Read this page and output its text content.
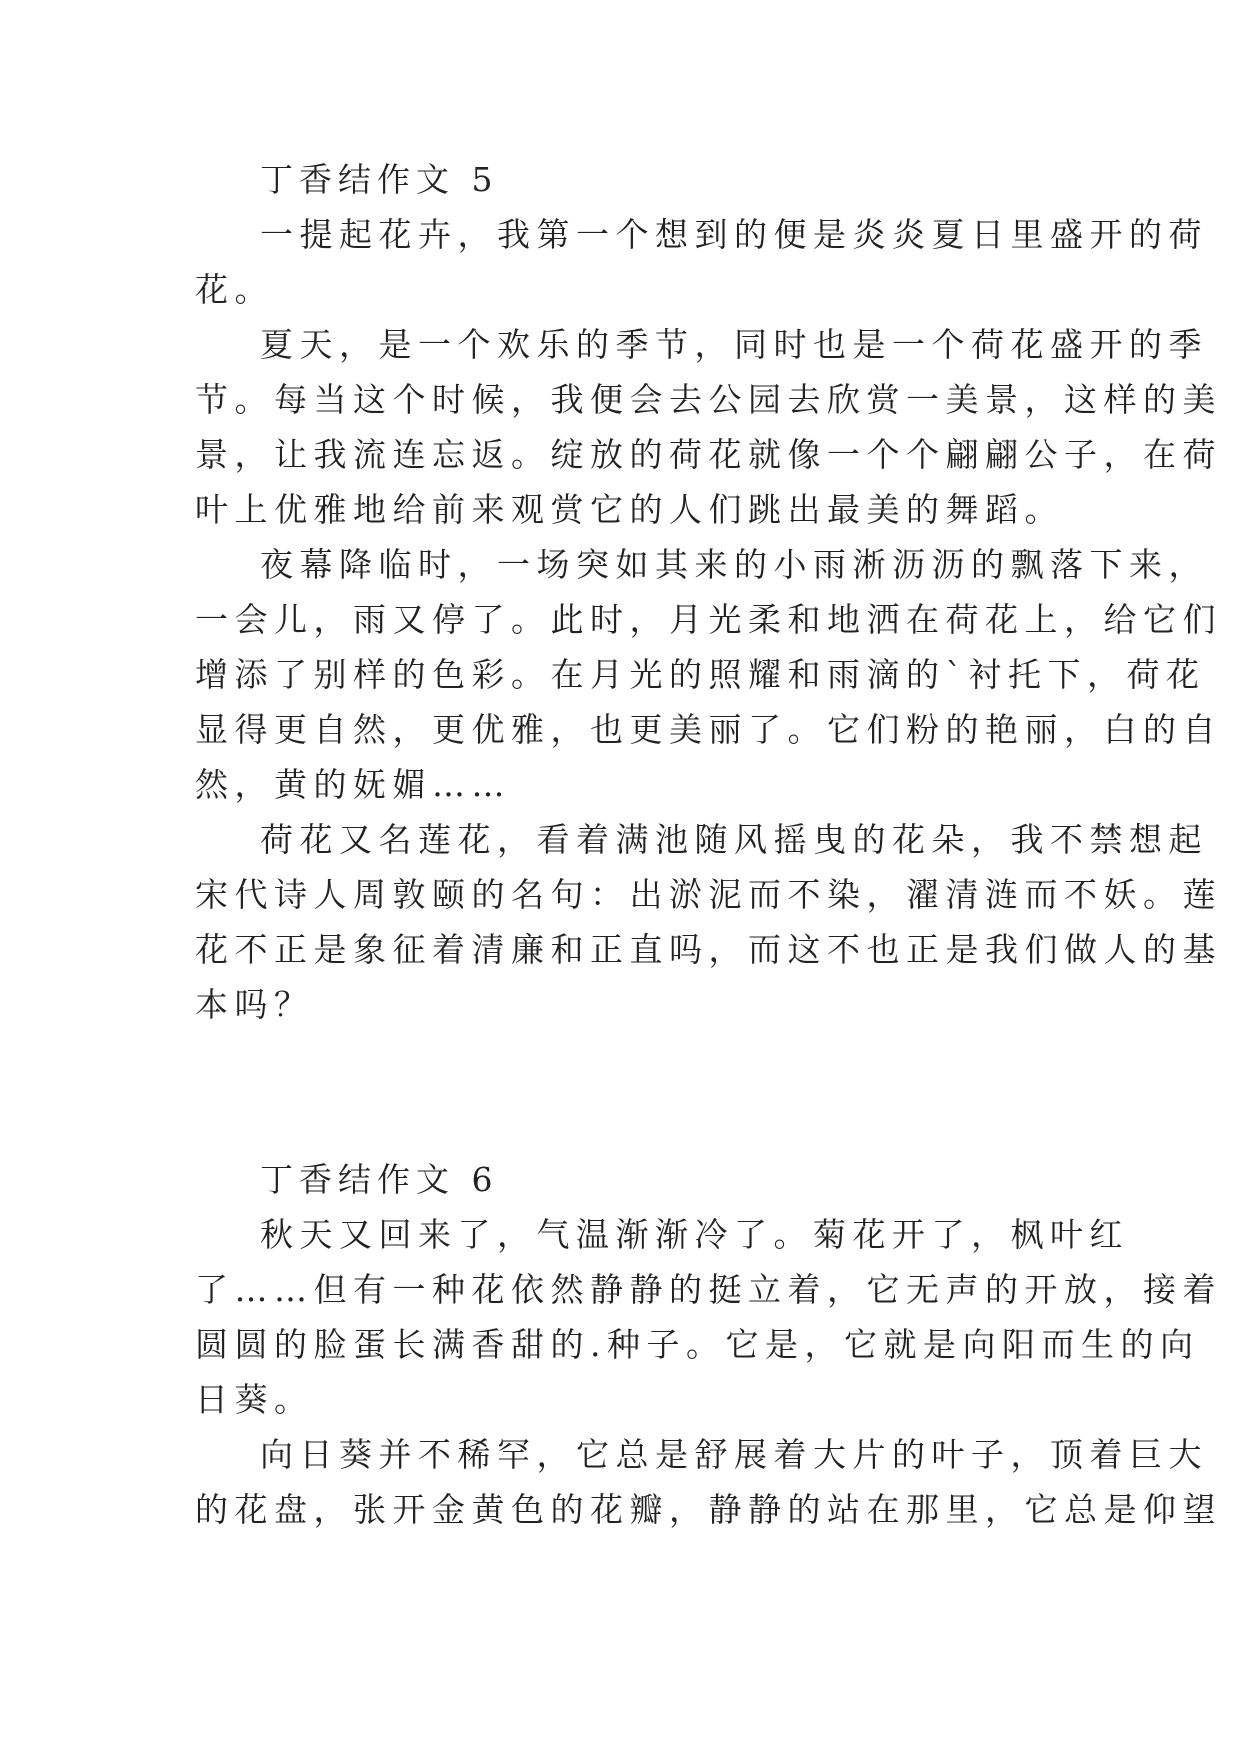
丁香结作文 5
一提起花卉，我第一个想到的便是炎炎夏日里盛开的荷
花。
夏天，是一个欢乐的季节，同时也是一个荷花盛开的季
节。每当这个时候，我便会去公园去欣赏一美景，这样的美
景，让我流连忘返。绽放的荷花就像一个个翩翩公子，在荷
叶上优雅地给前来观赏它的人们跳出最美的舞蹈。
夜幕降临时，一场突如其来的小雨淅沥沥的飘落下来，
一会儿，雨又停了。此时，月光柔和地洒在荷花上，给它们
增添了别样的色彩。在月光的照耀和雨滴的`衬托下，荷花
显得更自然，更优雅，也更美丽了。它们粉的艳丽，白的自
然，黄的妩媚……
荷花又名莲花，看着满池随风摇曳的花朵，我不禁想起
宋代诗人周敦颐的名句：出淤泥而不染，濯清涟而不妖。莲
花不正是象征着清廉和正直吗，而这不也正是我们做人的基
本吗？
丁香结作文 6
秋天又回来了，气温渐渐冷了。菊花开了，枫叶红
了……但有一种花依然静静的挺立着，它无声的开放，接着
圆圆的脸蛋长满香甜的.种子。它是，它就是向阳而生的向
日葵。
向日葵并不稀罕，它总是舒展着大片的叶子，顶着巨大
的花盘，张开金黄色的花瓣，静静的站在那里，它总是仰望
